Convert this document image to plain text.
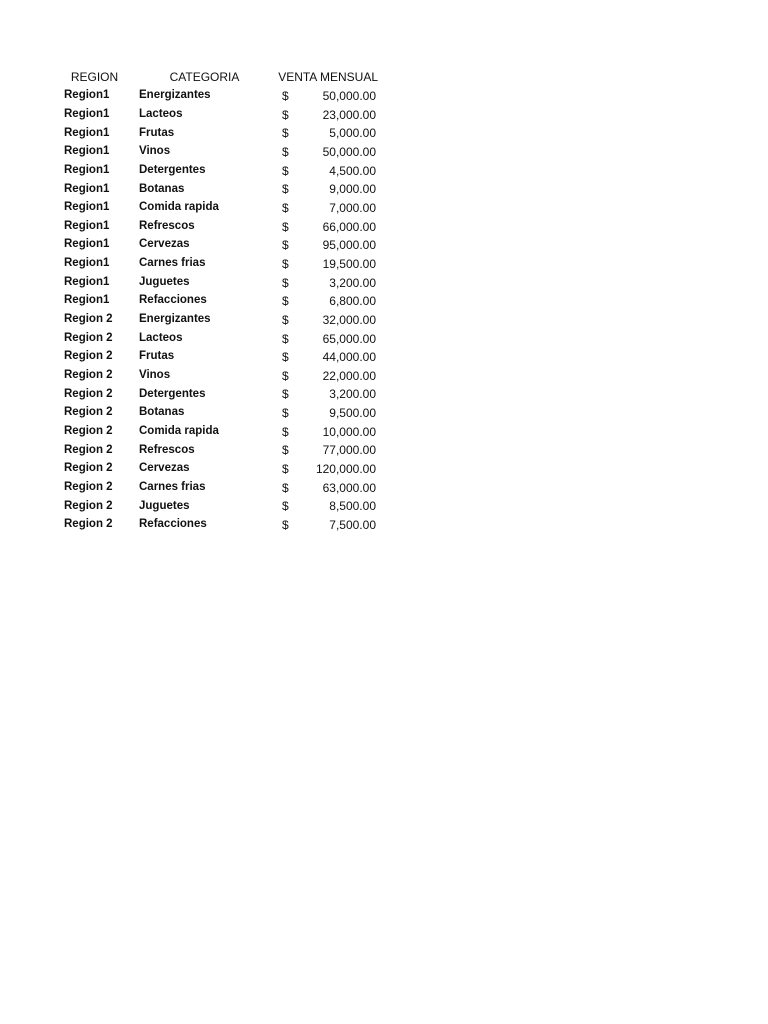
REGION	CATEGORIA	VENTA MENSUAL	
Region1	Energizantes	$	50,000.00
Region1	Lacteos	$	23,000.00
Region1	Frutas	$	5,000.00
Region1	Vinos	$	50,000.00
Region1	Detergentes	$	4,500.00
Region1	Botanas	$	9,000.00
Region1	Comida rapida	$	7,000.00
Region1	Refrescos	$	66,000.00
Region1	Cervezas	$	95,000.00
Region1	Carnes frias	$	19,500.00
Region1	Juguetes	$	3,200.00
Region1	Refacciones	$	6,800.00
Region 2	Energizantes	$	32,000.00
Region 2	Lacteos	$	65,000.00
Region 2	Frutas	$	44,000.00
Region 2	Vinos	$	22,000.00
Region 2	Detergentes	$	3,200.00
Region 2	Botanas	$	9,500.00
Region 2	Comida rapida	$	10,000.00
Region 2	Refrescos	$	77,000.00
Region 2	Cervezas	$	120,000.00
Region 2	Carnes frias	$	63,000.00
Region 2	Juguetes	$	8,500.00
Region 2	Refacciones	$	7,500.00
